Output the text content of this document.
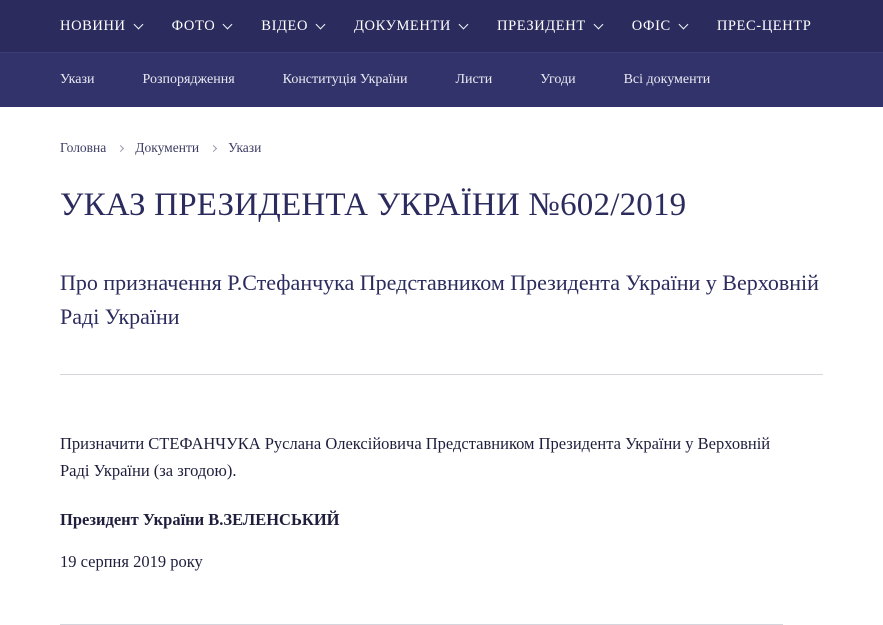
НОВИНИ	ФОТО	ВІДЕО	ДОКУМЕНТИ	ПРЕЗИДЕНТ	ОФІС	ПРЕС-ЦЕНТР
Укази	Розпорядження	Конституція України	Листи	Угоди	Всі документи
Головна Документи Укази
УКАЗ ПРЕЗИДЕНТА УКРАЇНИ №602/2019
Про призначення Р.Стефанчука Представником Президента України у Верховній Раді України

Призначити СТЕФАНЧУКА Руслана Олексійовича Представником Президента України у Верховній Раді України (за згодою).

Президент України В.ЗЕЛЕНСЬКИЙ

19 серпня 2019 року
